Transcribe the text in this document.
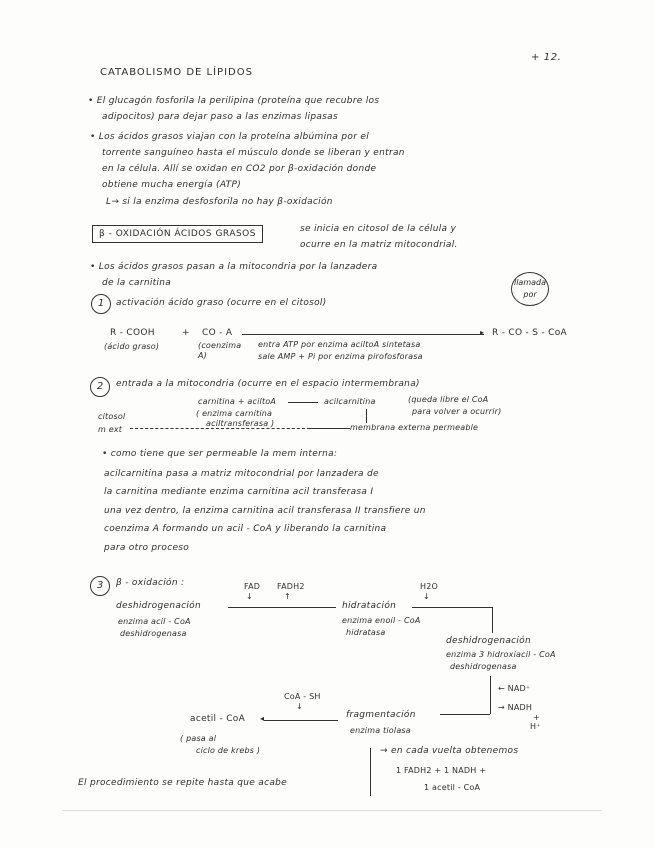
+ 12.
CATABOLISMO DE LÍPIDOS
• El glucagón fosforila la perilipina (proteína que recubre los
adipocitos) para dejar paso a las enzimas lipasas
• Los ácidos grasos viajan con la proteína albúmina por el
torrente sanguíneo hasta el músculo donde se liberan y entran
en la célula. Allí se oxidan en CO2 por β-oxidación donde
obtiene mucha energía (ATP)
L→ si la enzima desfosforila no hay β-oxidación
β - OXIDACIÓN ÁCIDOS GRASOS	se inicia en citosol de la célula y
ocurre en la matriz mitocondrial.
• Los ácidos grasos pasan a la mitocondria por la lanzadera
de la carnitina	llamada por
1	activación ácido graso (ocurre en el citosol)
R - COOH
(ácido graso)
+ CO - A
(coenzima A)
▸ R - CO - S - CoA
entra ATP por enzima aciltoA sintetasa
sale AMP + Pi por enzima pirofosforasa
2	entrada a la mitocondria (ocurre en el espacio intermembrana)
carnitina + aciltoA	acilcarnitina	(queda libre el CoA
para volver a ocurrir)
( enzima carnitina
aciltransferasa )
citosol
m ext	membrana externa permeable
• como tiene que ser permeable la mem interna:
acilcarnitina pasa a matriz mitocondrial por lanzadera de
la carnitina mediante enzima carnitina acil transferasa I
una vez dentro, la enzima carnitina acil transferasa II transfiere un
coenzima A formando un acil - CoA y liberando la carnitina
para otro proceso
3	β - oxidación :	FAD
↓
FADH2
↑
H2O
↓
deshidrogenación
enzima acil - CoA
deshidrogenasa
hidratación
enzima enoil - CoA
hidratasa
deshidrogenación
enzima 3 hidroxiacil - CoA
deshidrogenasa
← NAD⁺
→ NADH
+
H⁺
CoA - SH
↓
fragmentación
enzima tiolasa
◂
acetil - CoA
( pasa al
ciclo de krebs )
El procedimiento se repite hasta que acabe
→ en cada vuelta obtenemos
1 FADH2 + 1 NADH +
1 acetil - CoA
